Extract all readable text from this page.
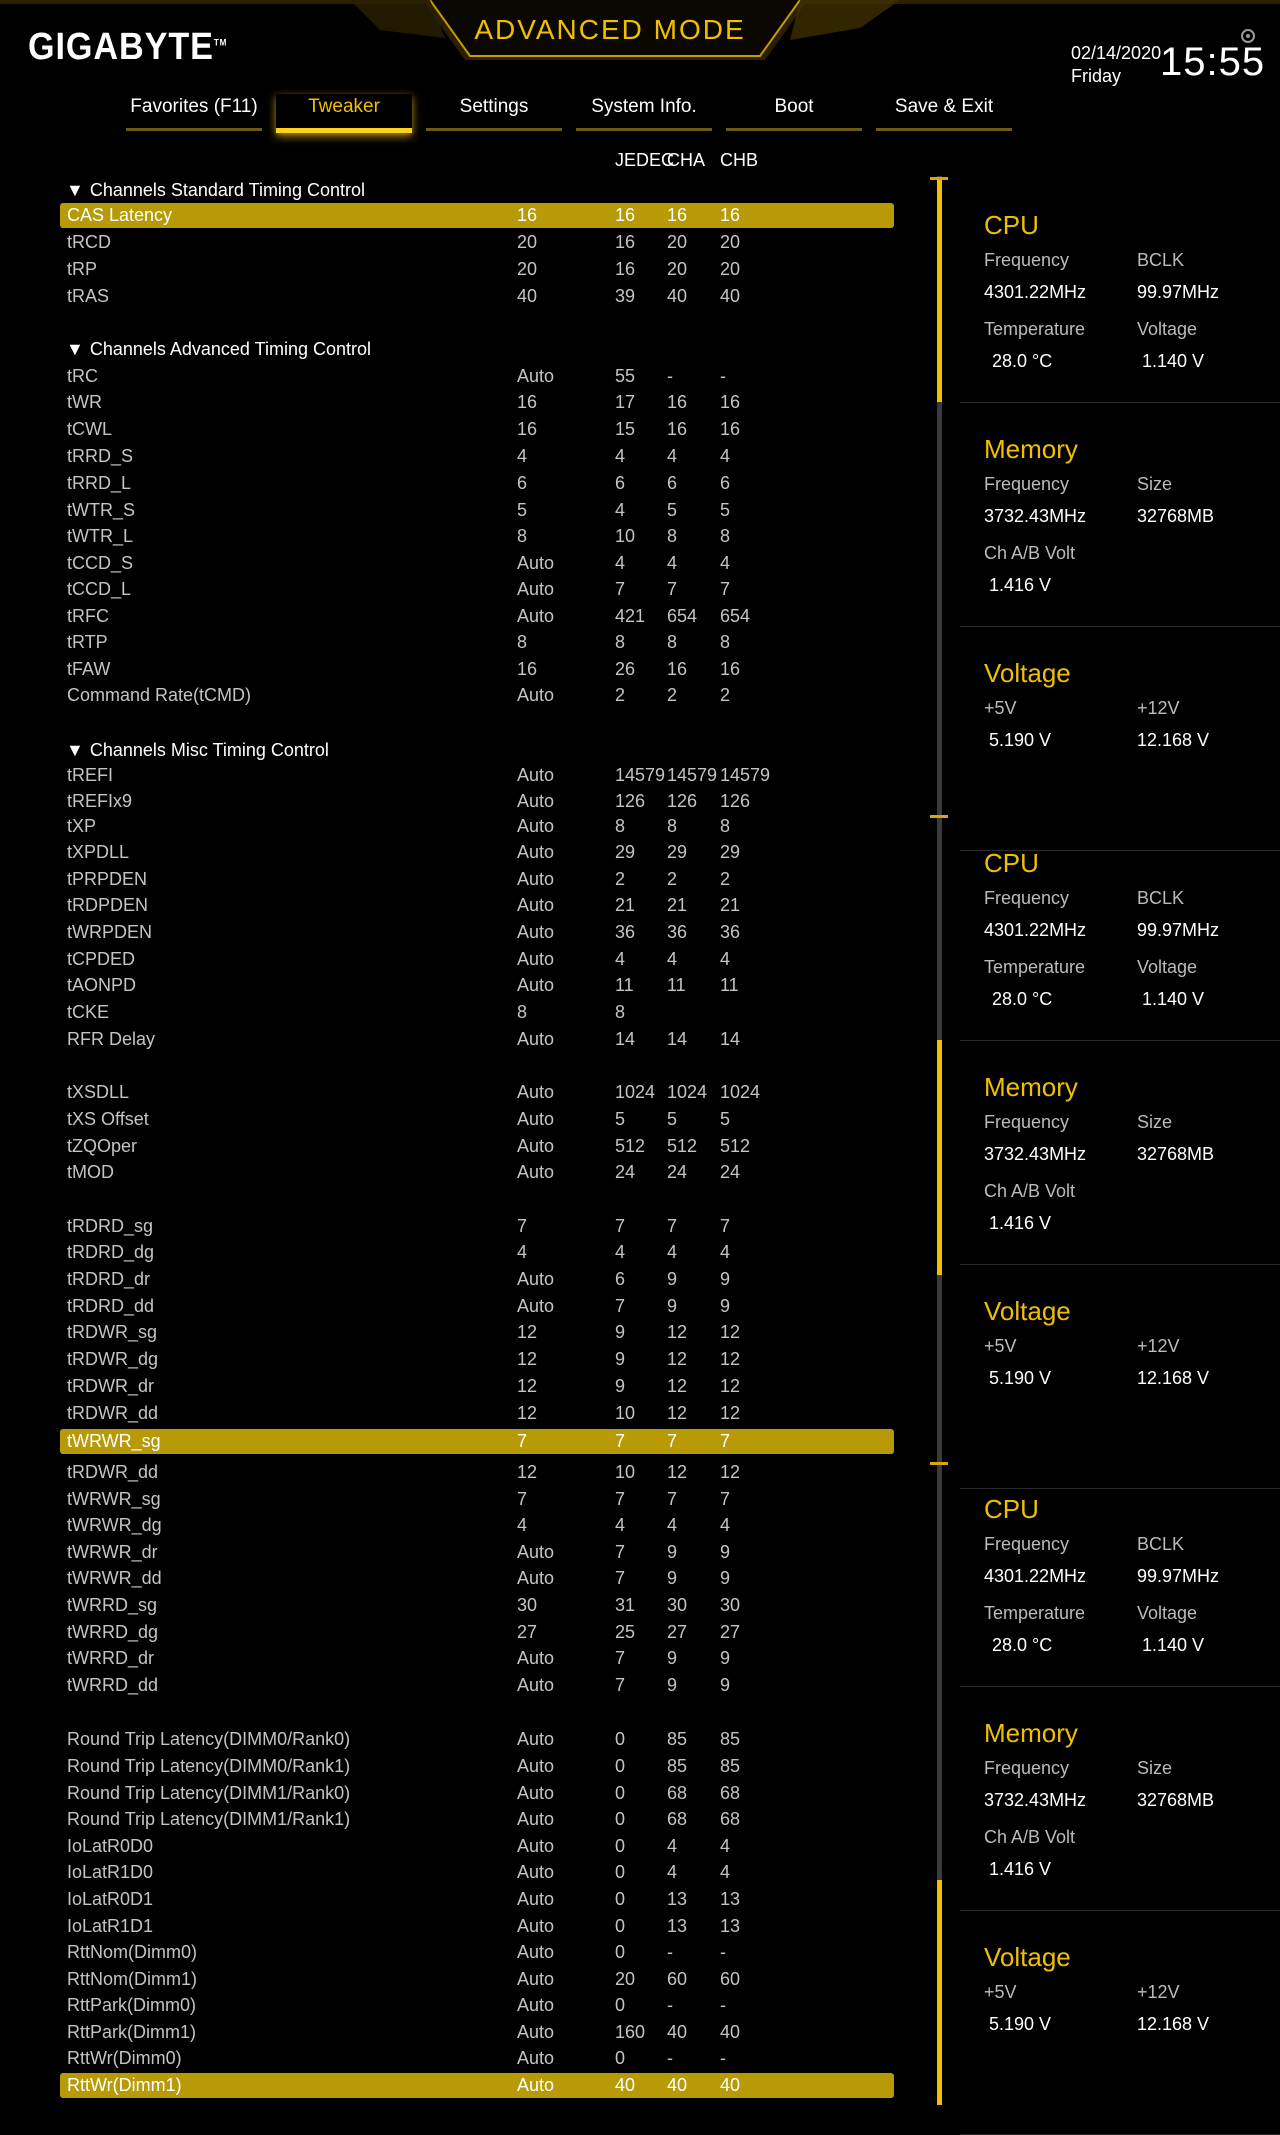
GIGABYTE™	ADVANCED MODE
02/14/2020
Friday 15:55
Favorites (F11)	Tweaker	Settings	System Info.	Boot	Save & Exit
JEDEC
CHA CHB
▼ Channels Standard Timing Control
▼ Channels Advanced Timing Control
▼ Channels Misc Timing Control
CAS Latency	16	16 16 16
tRCD	20	16 20 20
tRP	20	16 20 20
tRAS	40	39 40 40
tRC	Auto	55 -	-
tWR	16	17 16 16
tCWL	16	15 16 16
tRRD_S	4	4 4 4
tRRD_L	6	6 6 6
tWTR_S	5	4 5 5
tWTR_L	8	10 8 8
tCCD_S	Auto	4 4 4
tCCD_L	Auto	7 7 7
tRFC	Auto	421 654 654
tRTP	8	8 8 8
tFAW	16	26 16 16
Command Rate(tCMD)	Auto	2 2 2
tREFI	Auto	14579 14579 14579
tREFIx9	Auto	126 126 126
tXP	Auto	8 8 8
tXPDLL	Auto	29 29 29
tPRPDEN	Auto	2 2 2
tRDPDEN	Auto	21 21 21
tWRPDEN	Auto	36 36 36
tCPDED	Auto	4 4 4
tAONPD	Auto	11 11 11
tCKE	8	8
RFR Delay	Auto	14 14 14
tXSDLL	Auto	1024 1024 1024
tXS Offset	Auto	5 5 5
tZQOper	Auto	512 512 512
tMOD	Auto	24 24 24
tRDRD_sg	7	7 7 7
tRDRD_dg	4	4 4 4
tRDRD_dr	Auto	6 9 9
tRDRD_dd	Auto	7 9 9
tRDWR_sg	12	9 12 12
tRDWR_dg	12	9 12 12
tRDWR_dr	12	9 12 12
tRDWR_dd	12	10 12 12
tWRWR_sg	7	7 7 7
tRDWR_dd	12	10 12 12
tWRWR_sg	7	7 7 7
tWRWR_dg	4	4 4 4
tWRWR_dr	Auto	7 9 9
tWRWR_dd	Auto	7 9 9
tWRRD_sg	30	31 30 30
tWRRD_dg	27	25 27 27
tWRRD_dr	Auto	7 9 9
tWRRD_dd	Auto	7 9 9
Round Trip Latency(DIMM0/Rank0)	Auto	0 85 85
Round Trip Latency(DIMM0/Rank1)	Auto	0 85 85
Round Trip Latency(DIMM1/Rank0)	Auto	0 68 68
Round Trip Latency(DIMM1/Rank1)	Auto	0 68 68
IoLatR0D0	Auto	0 4 4
IoLatR1D0	Auto	0 4 4
IoLatR0D1	Auto	0 13 13
IoLatR1D1	Auto	0 13 13
RttNom(Dimm0)	Auto	0 -	-
RttNom(Dimm1)	Auto	20 60 60
RttPark(Dimm0)	Auto	0 -	-
RttPark(Dimm1)	Auto	160 40 40
RttWr(Dimm0)	Auto	0 -	-
RttWr(Dimm1)	Auto	40 40 40
CPU
Frequency	BCLK
4301.22MHz	99.97MHz
Temperature	Voltage
28.0 °C	1.140 V
Memory
Frequency	Size
3732.43MHz	32768MB
Ch A/B Volt
1.416 V
Voltage
+5V	+12V
5.190 V	12.168 V
CPU
Frequency	BCLK
4301.22MHz	99.97MHz
Temperature	Voltage
28.0 °C	1.140 V
Memory
Frequency	Size
3732.43MHz	32768MB
Ch A/B Volt
1.416 V
Voltage
+5V	+12V
5.190 V	12.168 V
CPU
Frequency	BCLK
4301.22MHz	99.97MHz
Temperature	Voltage
28.0 °C	1.140 V
Memory
Frequency	Size
3732.43MHz	32768MB
Ch A/B Volt
1.416 V
Voltage
+5V	+12V
5.190 V	12.168 V
